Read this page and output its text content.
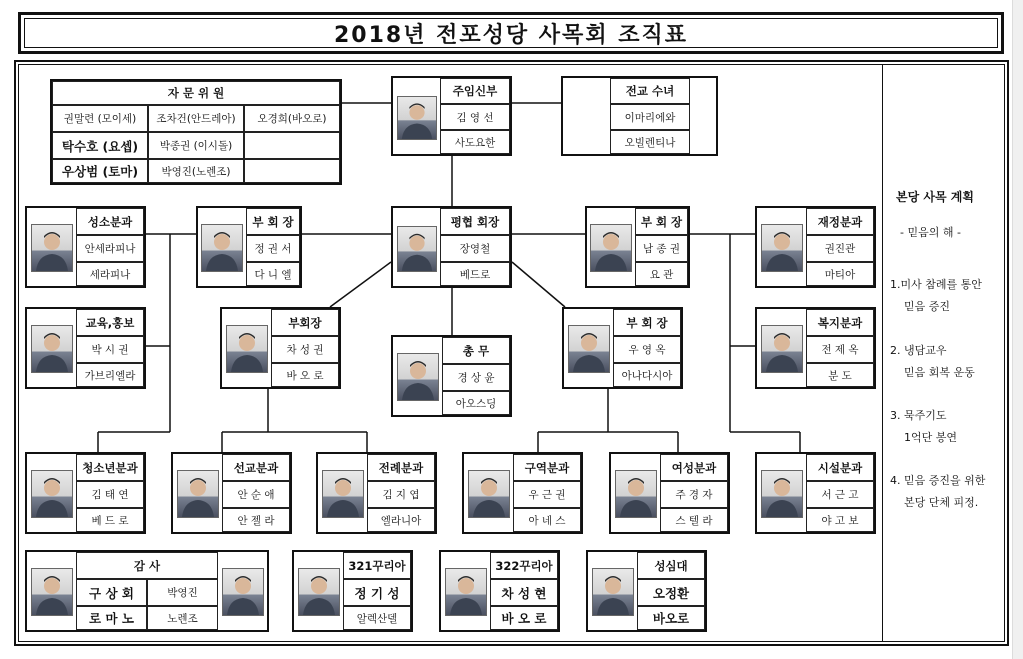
2018년 전포성당 사목회 조직표
자 문 위 원
권말련 (모이세)	조차건(안드레아)	오경희(바오로)
탁수호 (요셉)	박종권 (이시돌)
우상범 (토마)	박영진(노렌조)
주임신부
김 영 선
사도요한
전교 수녀
이마리에와
오빌렌티나
평협 회장
장영철
베드로
부 회 장
정 권 서
다 니 엘
부 회 장
남 종 권
요 관
성소분과
안세라피나
세라피나
재정분과
권진관
마티아
교육,홍보
박 시 권
가브리엘라
부회장
차 성 권
바 오 로
총 무
경 상 윤
아오스딩
부 회 장
우 영 옥
아나다시아
복지분과
전 제 옥
분 도
청소년분과
김 태 연
베 드 로
선교분과
안 순 애
안 젤 라
전례분과
김 지 엽
엘라니아
구역분과
우 근 권
아 네 스
여성분과
주 경 자
스 텔 라
시설분과
서 근 고
야 고 보
감 사
구 상 회	박영진
로 마 노	노렌조
321꾸리아
정 기 성
알렉산델
322꾸리아
차 성 현
바 오 로
성심대
오정환
바오로
본당 사목 계획
- 믿음의 해 -
1.미사 참례를 통안
믿음 증진
2. 냉담교우
믿음 회복 운동
3. 묵주기도
1억단 봉연
4. 믿음 증진을 위한
본당 단체 피정.
